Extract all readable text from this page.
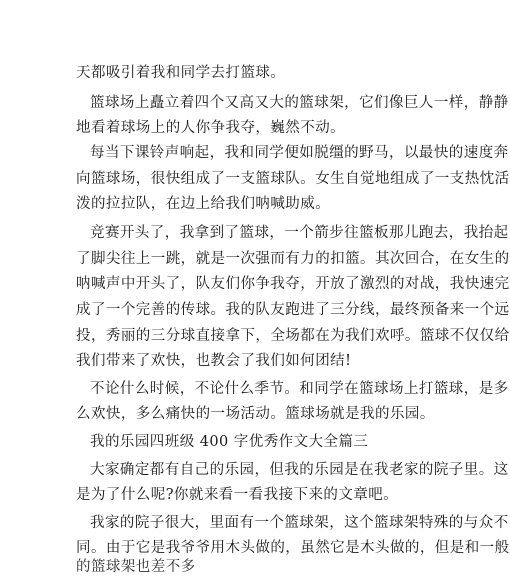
天都吸引着我和同学去打篮球。
篮球场上矗立着四个又高又大的篮球架，它们像巨人一样，静静
地看着球场上的人你争我夺，巍然不动。
每当下课铃声响起，我和同学便如脱缰的野马，以最快的速度奔
向篮球场，很快组成了一支篮球队。女生自觉地组成了一支热忱活
泼的拉拉队，在边上给我们呐喊助威。
竞赛开头了，我拿到了篮球，一个箭步往篮板那儿跑去，我抬起
了脚尖往上一跳，就是一次强而有力的扣篮。其次回合，在女生的
呐喊声中开头了，队友们你争我夺，开放了激烈的对战，我快速完
成了一个完善的传球。我的队友跑进了三分线，最终预备来一个远
投，秀丽的三分球直接拿下，全场都在为我们欢呼。篮球不仅仅给
我们带来了欢快，也教会了我们如何团结!
不论什么时候，不论什么季节。和同学在篮球场上打篮球，是多
么欢快，多么痛快的一场活动。篮球场就是我的乐园。
我的乐园四班级 400 字优秀作文大全篇三
大家确定都有自己的乐园，但我的乐园是在我老家的院子里。这
是为了什么呢?你就来看一看我接下来的文章吧。
我家的院子很大，里面有一个篮球架，这个篮球架特殊的与众不
同。由于它是我爷爷用木头做的，虽然它是木头做的，但是和一般
的篮球架也差不多
